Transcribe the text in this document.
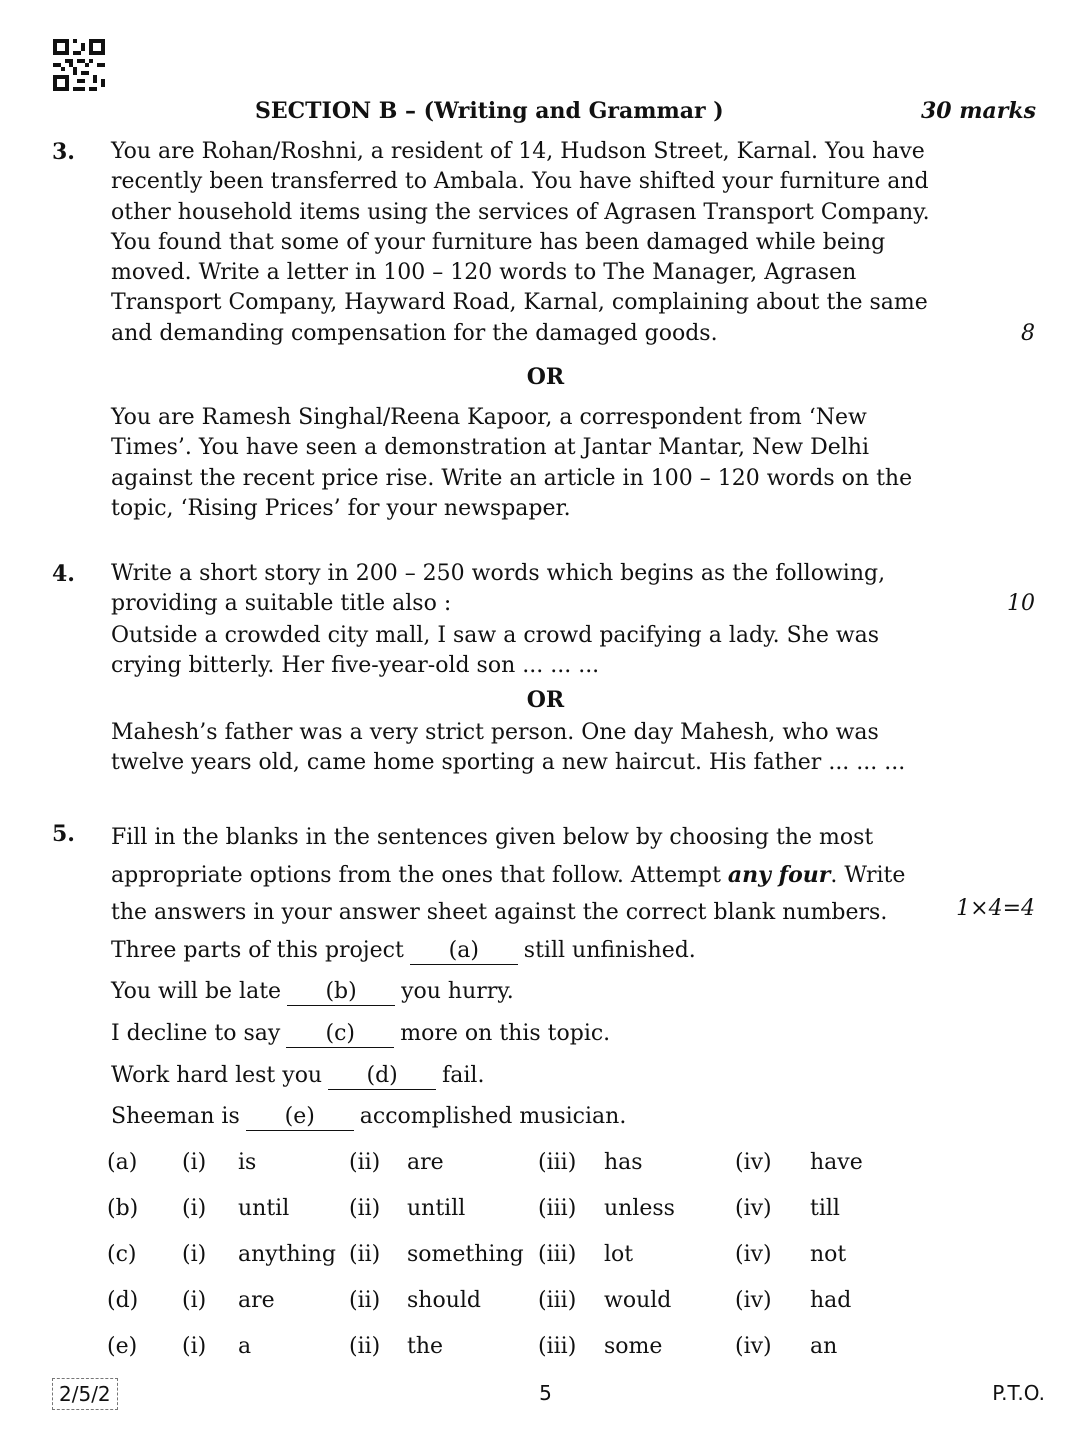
SECTION B – (Writing and Grammar )	30 marks
3. You are Rohan/Roshni, a resident of 14, Hudson Street, Karnal. You have
recently been transferred to Ambala. You have shifted your furniture and
other household items using the services of Agrasen Transport Company.
You found that some of your furniture has been damaged while being
moved. Write a letter in 100 – 120 words to The Manager, Agrasen
Transport Company, Hayward Road, Karnal, complaining about the same
and demanding compensation for the damaged goods.	8
OR
You are Ramesh Singhal/Reena Kapoor, a correspondent from ‘New
Times’. You have seen a demonstration at Jantar Mantar, New Delhi
against the recent price rise. Write an article in 100 – 120 words on the
topic, ‘Rising Prices’ for your newspaper.
4. Write a short story in 200 – 250 words which begins as the following,
providing a suitable title also :	10
Outside a crowded city mall, I saw a crowd pacifying a lady. She was
crying bitterly. Her five-year-old son ... ... ...
OR
Mahesh’s father was a very strict person. One day Mahesh, who was
twelve years old, came home sporting a new haircut. His father ... ... ...
5. Fill in the blanks in the sentences given below by choosing the most
appropriate options from the ones that follow. Attempt any four. Write
the answers in your answer sheet against the correct blank numbers.	1×4=4
Three parts of this project (a) still unfinished.
You will be late (b) you hurry.
I decline to say (c) more on this topic.
Work hard lest you (d) fail.
Sheeman is (e) accomplished musician.
(a) (i) is	(ii) are	(iii) has	(iv) have
(b) (i) until	(ii) untill	(iii) unless	(iv) till
(c) (i) anything (ii) something (iii) lot	(iv) not
(d) (i) are	(ii) should	(iii) would	(iv) had
(e) (i) a	(ii) the	(iii) some	(iv) an
2/5/2	5	P.T.O.
